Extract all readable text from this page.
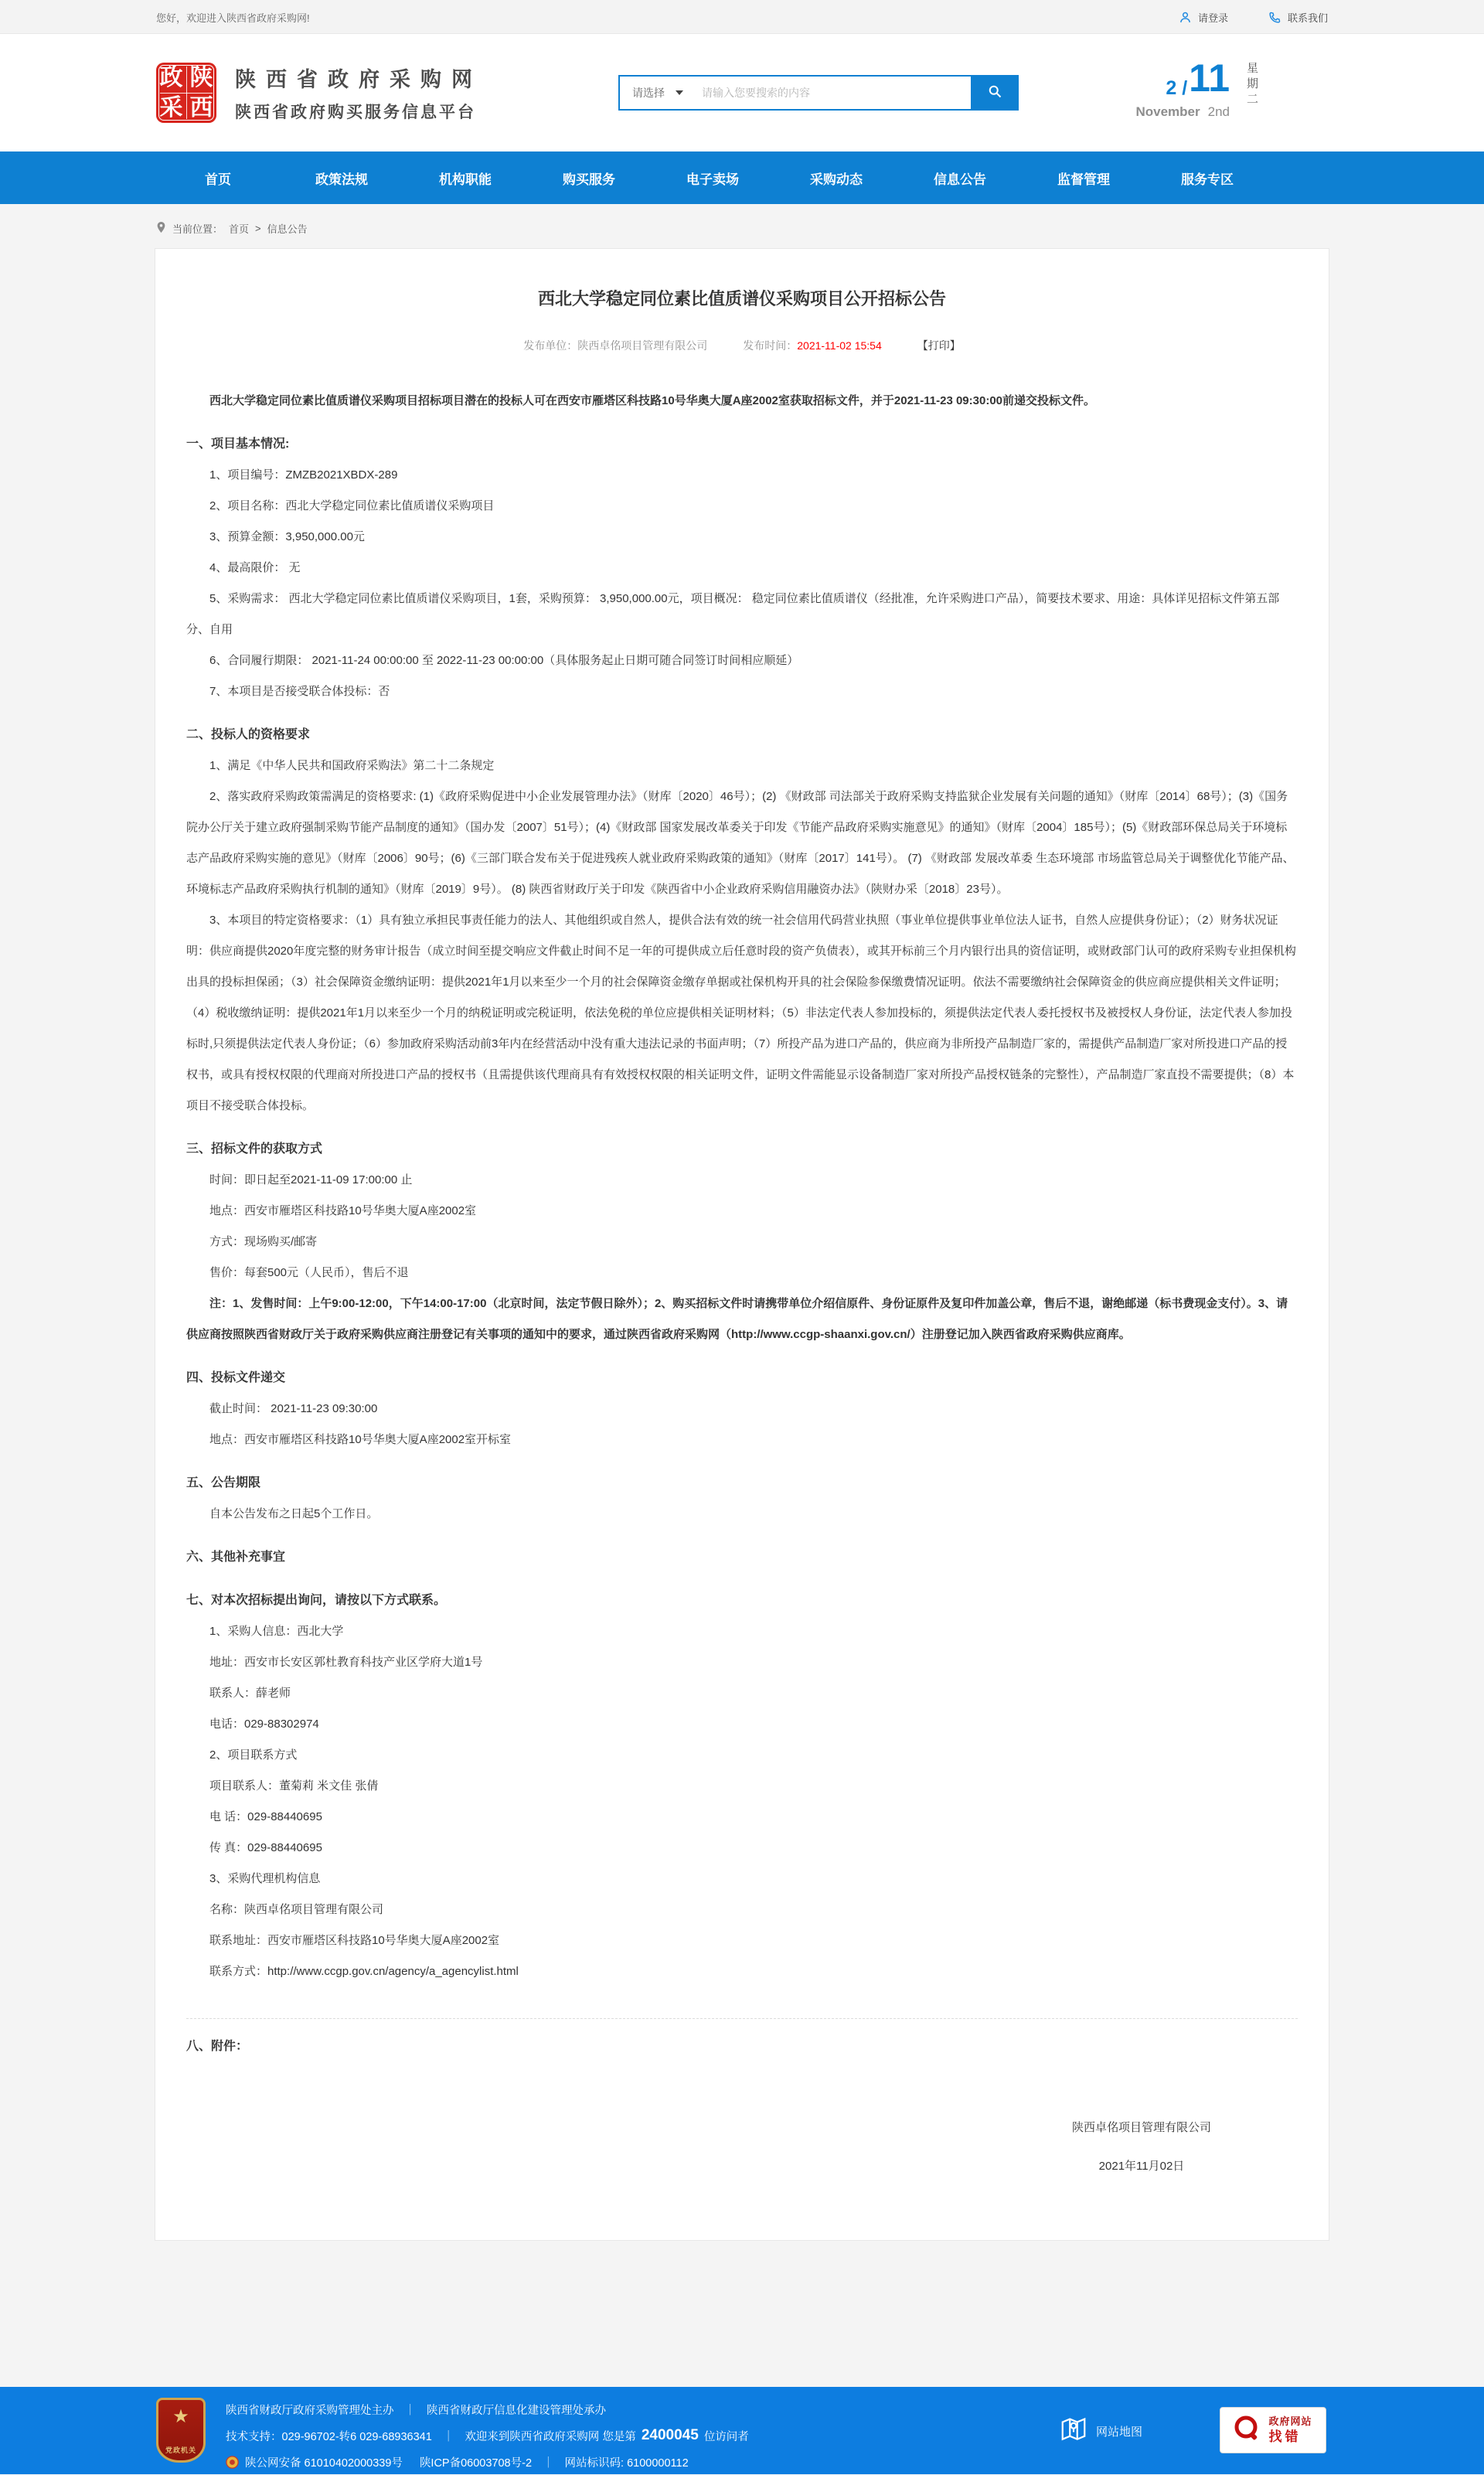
您好，欢迎进入陕西省政府采购网!	请登录	联系我们
政 陕
采 西
陕西省政府采购网
陕西省政府购买服务信息平台
请选择
请输入您要搜索的内容	2 / 11
November 2nd
星期二
首页	政策法规	机构职能	购买服务	电子卖场	采购动态	信息公告	监督管理	服务专区
当前位置： 首页 > 信息公告
西北大学稳定同位素比值质谱仪采购项目公开招标公告
发布单位：陕西卓佲项目管理有限公司	发布时间：2021-11-02 15:54	【打印】

西北大学稳定同位素比值质谱仪采购项目招标项目潜在的投标人可在西安市雁塔区科技路10号华奥大厦A座2002室获取招标文件，并于2021-11-23 09:30:00前递交投标文件。

一、项目基本情况:

1、项目编号：ZMZB2021XBDX-289

2、项目名称：西北大学稳定同位素比值质谱仪采购项目

3、预算金额：3,950,000.00元

4、最高限价： 无

5、采购需求： 西北大学稳定同位素比值质谱仪采购项目，1套，采购预算： 3,950,000.00元，项目概况： 稳定同位素比值质谱仪（经批准，允许采购进口产品），简要技术要求、用途：具体详见招标文件第五部分、自用

6、合同履行期限： 2021-11-24 00:00:00 至 2022-11-23 00:00:00（具体服务起止日期可随合同签订时间相应顺延）

7、本项目是否接受联合体投标：否

二、投标人的资格要求

1、满足《中华人民共和国政府采购法》第二十二条规定

2、落实政府采购政策需满足的资格要求: (1)《政府采购促进中小企业发展管理办法》（财库〔2020〕46号）；(2) 《财政部 司法部关于政府采购支持监狱企业发展有关问题的通知》（财库〔2014〕68号）；(3)《国务院办公厅关于建立政府强制采购节能产品制度的通知》（国办发〔2007〕51号）；(4)《财政部 国家发展改革委关于印发《节能产品政府采购实施意见》的通知》（财库〔2004〕185号）；(5)《财政部环保总局关于环境标志产品政府采购实施的意见》（财库〔2006〕90号；(6)《三部门联合发布关于促进残疾人就业政府采购政策的通知》（财库〔2017〕141号）。 (7) 《财政部 发展改革委 生态环境部 市场监管总局关于调整优化节能产品、环境标志产品政府采购执行机制的通知》（财库〔2019〕9号）。 (8) 陕西省财政厅关于印发《陕西省中小企业政府采购信用融资办法》（陕财办采〔2018〕23号）。

3、本项目的特定资格要求：（1）具有独立承担民事责任能力的法人、其他组织或自然人，提供合法有效的统一社会信用代码营业执照（事业单位提供事业单位法人证书，自然人应提供身份证）；（2）财务状况证明：供应商提供2020年度完整的财务审计报告（成立时间至提交响应文件截止时间不足一年的可提供成立后任意时段的资产负债表），或其开标前三个月内银行出具的资信证明，或财政部门认可的政府采购专业担保机构出具的投标担保函；（3）社会保障资金缴纳证明：提供2021年1月以来至少一个月的社会保障资金缴存单据或社保机构开具的社会保险参保缴费情况证明。依法不需要缴纳社会保障资金的供应商应提供相关文件证明；（4）税收缴纳证明：提供2021年1月以来至少一个月的纳税证明或完税证明，依法免税的单位应提供相关证明材料；（5）非法定代表人参加投标的，须提供法定代表人委托授权书及被授权人身份证，法定代表人参加投标时,只须提供法定代表人身份证；（6）参加政府采购活动前3年内在经营活动中没有重大违法记录的书面声明；（7）所投产品为进口产品的，供应商为非所投产品制造厂家的，需提供产品制造厂家对所投进口产品的授权书，或具有授权权限的代理商对所投进口产品的授权书（且需提供该代理商具有有效授权权限的相关证明文件，证明文件需能显示设备制造厂家对所投产品授权链条的完整性），产品制造厂家直投不需要提供；（8）本项目不接受联合体投标。

三、招标文件的获取方式

时间：即日起至2021-11-09 17:00:00 止

地点：西安市雁塔区科技路10号华奥大厦A座2002室

方式：现场购买/邮寄

售价：每套500元（人民币），售后不退

注：1、发售时间：上午9:00-12:00，下午14:00-17:00（北京时间，法定节假日除外）；2、购买招标文件时请携带单位介绍信原件、身份证原件及复印件加盖公章，售后不退，谢绝邮递（标书费现金支付）。3、请供应商按照陕西省财政厅关于政府采购供应商注册登记有关事项的通知中的要求，通过陕西省政府采购网（http://www.ccgp-shaanxi.gov.cn/）注册登记加入陕西省政府采购供应商库。

四、投标文件递交

截止时间： 2021-11-23 09:30:00

地点：西安市雁塔区科技路10号华奥大厦A座2002室开标室

五、公告期限

自本公告发布之日起5个工作日。

六、其他补充事宜

七、对本次招标提出询问，请按以下方式联系。

1、采购人信息：西北大学

地址：西安市长安区郭杜教育科技产业区学府大道1号

联系人：薛老师

电话：029-88302974

2、项目联系方式

项目联系人：董菊莉 米文佳 张倩

电 话：029-88440695

传 真：029-88440695

3、采购代理机构信息

名称：陕西卓佲项目管理有限公司

联系地址：西安市雁塔区科技路10号华奥大厦A座2002室

联系方式：http://www.ccgp.gov.cn/agency/a_agencylist.html

八、附件：

陕西卓佲项目管理有限公司
2021年11月02日
★
党政机关
陕西省财政厅政府采购管理处主办 ｜ 陕西省财政厅信息化建设管理处承办
技术支持：029-96702-转6 029-68936341 ｜ 欢迎来到陕西省政府采购网 您是第 2400045 位访问者
陕公网安备 61010402000339号 陕ICP备06003708号-2 ｜ 网站标识码: 6100000112
网站地图
政府网站
找错
